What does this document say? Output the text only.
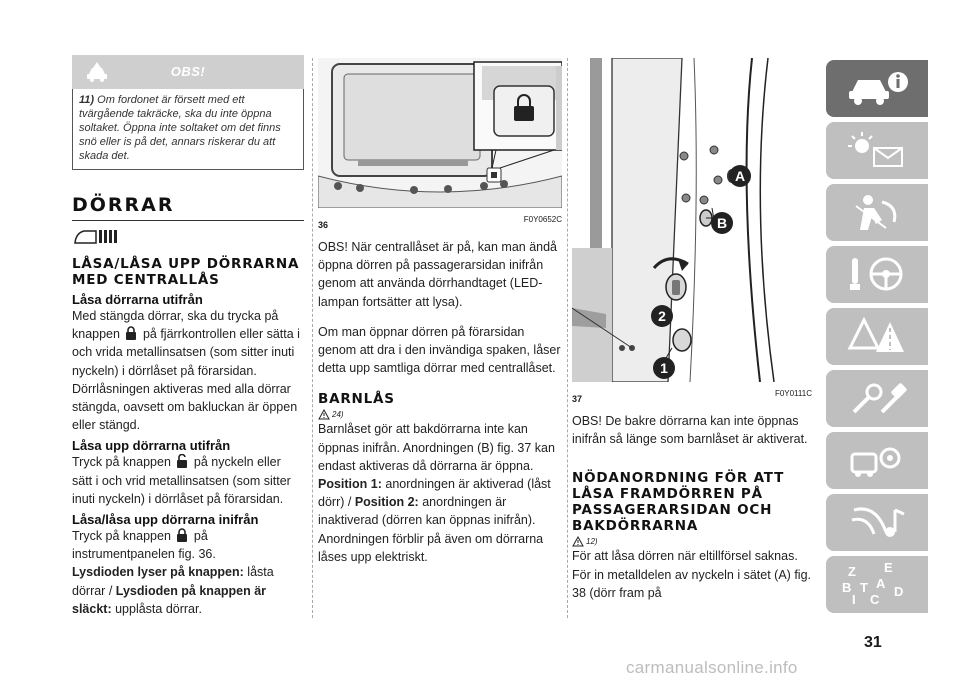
OBS!
11) Om fordonet är försett med ett tvärgående takräcke, ska du inte öppna soltaket. Öppna inte soltaket om det finns snö eller is på det, annars riskerar du att skada det.
DÖRRAR
LÅSA/LÅSA UPP DÖRRARNA MED CENTRALLÅS
Låsa dörrarna utifrån

Med stängda dörrar, ska du trycka på knappen på fjärrkontrollen eller sätta i och vrida metallinsatsen (som sitter inuti nyckeln) i dörrlåset på förarsidan. Dörrlåsningen aktiveras med alla dörrar stängda, oavsett om bakluckan är öppen eller stängd.

Låsa upp dörrarna utifrån

Tryck på knappen på nyckeln eller sätt i och vrid metallinsatsen (som sitter inuti nyckeln) i dörrlåset på förarsidan.

Låsa/låsa upp dörrarna inifrån

Tryck på knappen på instrumentpanelen fig. 36.

Lysdioden lyser på knappen: låsta dörrar / Lysdioden på knappen är släckt: upplåsta dörrar.

36
F0Y0652C

OBS! När centrallåset är på, kan man ändå öppna dörren på passagerarsidan inifrån genom att använda dörrhandtaget (LED-lampan fortsätter att lysa).

Om man öppnar dörren på förarsidan genom att dra i den invändiga spaken, låser detta upp samtliga dörrar med centrallåset.

BARNLÅS
24)

Barnlåset gör att bakdörrarna inte kan öppnas inifrån. Anordningen (B) fig. 37 kan endast aktiveras då dörrarna är öppna.

Position 1: anordningen är aktiverad (låst dörr) / Position 2: anordningen är inaktiverad (dörren kan öppnas inifrån). Anordningen förblir på även om dörrarna låses upp elektriskt.

A
B
2
1
37
F0Y0111C

OBS! De bakre dörrarna kan inte öppnas inifrån så länge som barnlåset är aktiverat.

NÖDANORDNING FÖR ATT LÅSA FRAMDÖRREN PÅ PASSAGERARSIDAN OCH BAKDÖRRARNA
12)

För att låsa dörren när eltillförsel saknas. För in metalldelen av nyckeln i sätet (A) fig. 38 (dörr fram på

Z E
A
B
C
D
I
T
31
carmanualsonline.info
